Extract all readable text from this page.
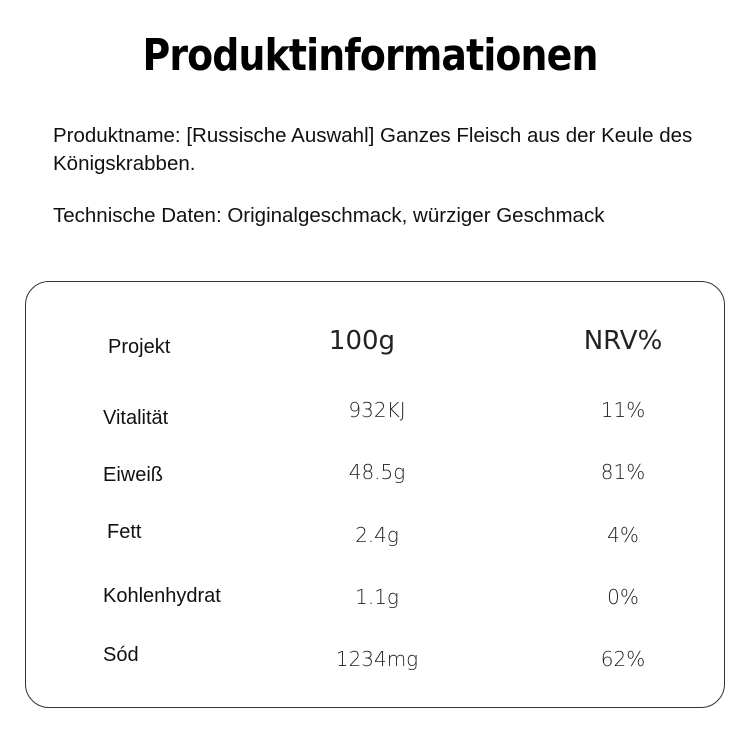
Produktinformationen
Produktname: [Russische Auswahl] Ganzes Fleisch aus der Keule des Königskrabben.
Technische Daten: Originalgeschmack, würziger Geschmack
Projekt	100g	NRV%
Vitalität	932KJ	11%
Eiweiß	48.5g	81%
Fett	2.4g	4%
Kohlenhydrat	1.1g	0%
Sód	1234mg	62%
